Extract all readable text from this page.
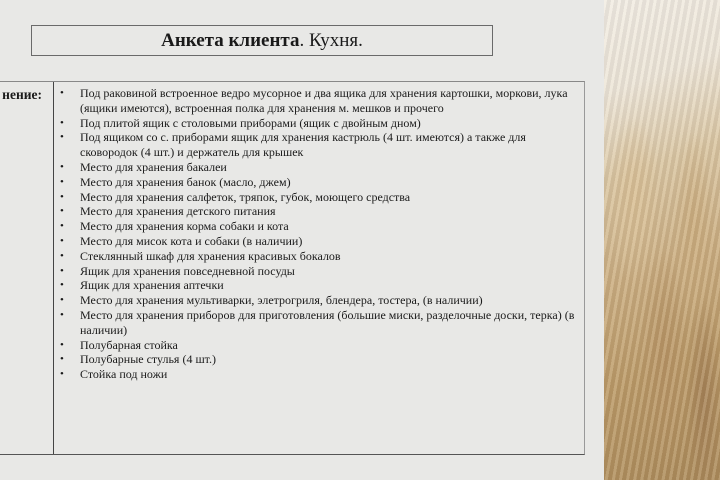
Анкета клиента . Кухня.
нение: • Под раковиной встроенное ведро мусорное и два ящика для хранения картошки, моркови, лука (ящики имеются), встроенная полка для хранения м. мешков и прочего
• Под плитой ящик с столовыми приборами (ящик с двойным дном)
• Под ящиком со с. приборами ящик для хранения кастрюль (4 шт. имеются) а также для сковородок (4 шт.) и держатель для крышек
• Место для хранения бакалеи
• Место для хранения банок (масло, джем)
• Место для хранения салфеток, тряпок, губок, моющего средства
• Место для хранения детского питания
• Место для хранения корма собаки и кота
• Место для мисок кота и собаки (в наличии)
• Стеклянный шкаф для хранения красивых бокалов
• Ящик для хранения повседневной посуды
• Ящик для хранения аптечки
• Место для хранения мультиварки, элетрогриля, блендера, тостера, (в наличии)
• Место для хранения приборов для приготовления (большие миски, разделочные доски, терка) (в наличии)
• Полубарная стойка
• Полубарные стулья (4 шт.)
• Стойка под ножи
